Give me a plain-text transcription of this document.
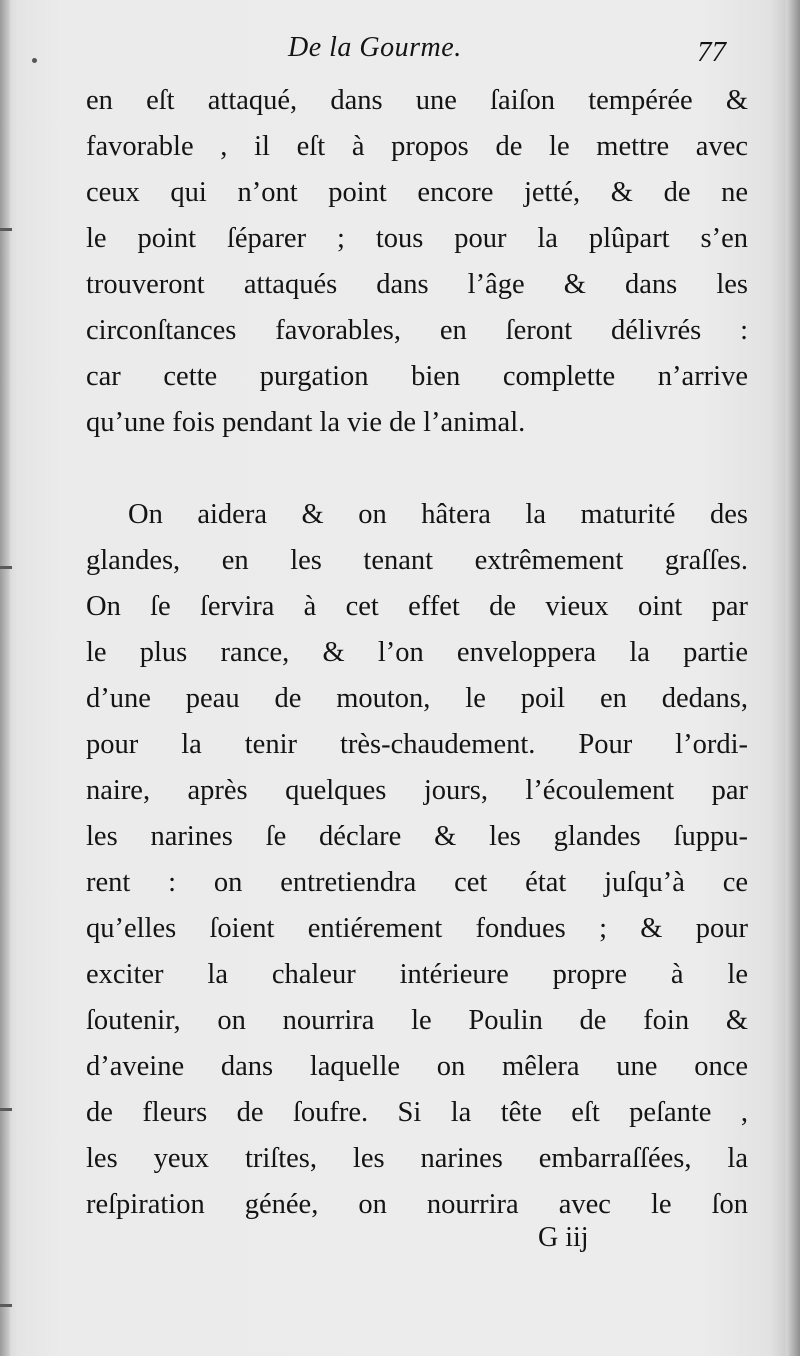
De la Gourme.	77
en eſt attaqué, dans une ſaiſon tempérée &
favorable , il eſt à propos de le mettre avec
ceux qui n’ont point encore jetté, & de ne
le point ſéparer ; tous pour la plûpart s’en
trouveront attaqués dans l’âge & dans les
circonſtances favorables, en ſeront délivrés :
car cette purgation bien complette n’arrive
qu’une fois pendant la vie de l’animal.
On aidera & on hâtera la maturité des
glandes, en les tenant extrêmement graſſes.
On ſe ſervira à cet effet de vieux oint par
le plus rance, & l’on enveloppera la partie
d’une peau de mouton, le poil en dedans,
pour la tenir très-chaudement. Pour l’ordi-
naire, après quelques jours, l’écoulement par
les narines ſe déclare & les glandes ſuppu-
rent : on entretiendra cet état juſqu’à ce
qu’elles ſoient entiérement fondues ; & pour
exciter la chaleur intérieure propre à le
ſoutenir, on nourrira le Poulin de foin &
d’aveine dans laquelle on mêlera une once
de fleurs de ſoufre. Si la tête eſt peſante ,
les yeux triſtes, les narines embarraſſées, la
reſpiration génée, on nourrira avec le ſon
G iij
